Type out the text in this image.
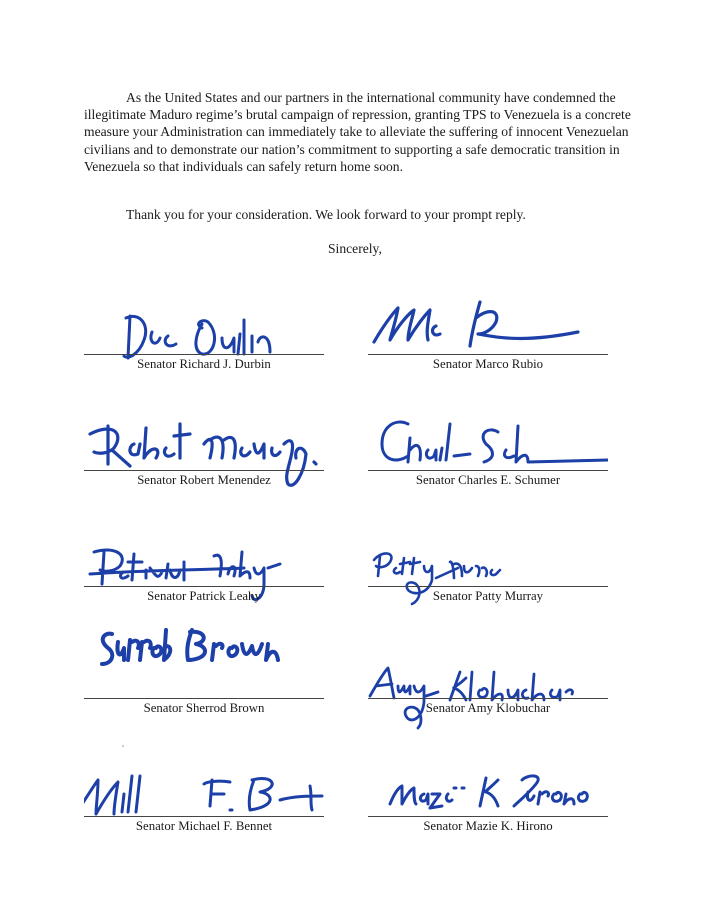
As the United States and our partners in the international community have condemned the illegitimate Maduro regime’s brutal campaign of repression, granting TPS to Venezuela is a concrete measure your Administration can immediately take to alleviate the suffering of innocent Venezuelan civilians and to demonstrate our nation’s commitment to supporting a safe democratic transition in Venezuela so that individuals can safely return home soon.

Thank you for your consideration. We look forward to your prompt reply.

Sincerely,
Senator Richard J. Durbin	Senator Marco Rubio
Senator Robert Menendez	Senator Charles E. Schumer
Senator Patrick Leahy	Senator Patty Murray
Senator Sherrod Brown	Senator Amy Klobuchar
Senator Michael F. Bennet	Senator Mazie K. Hirono
